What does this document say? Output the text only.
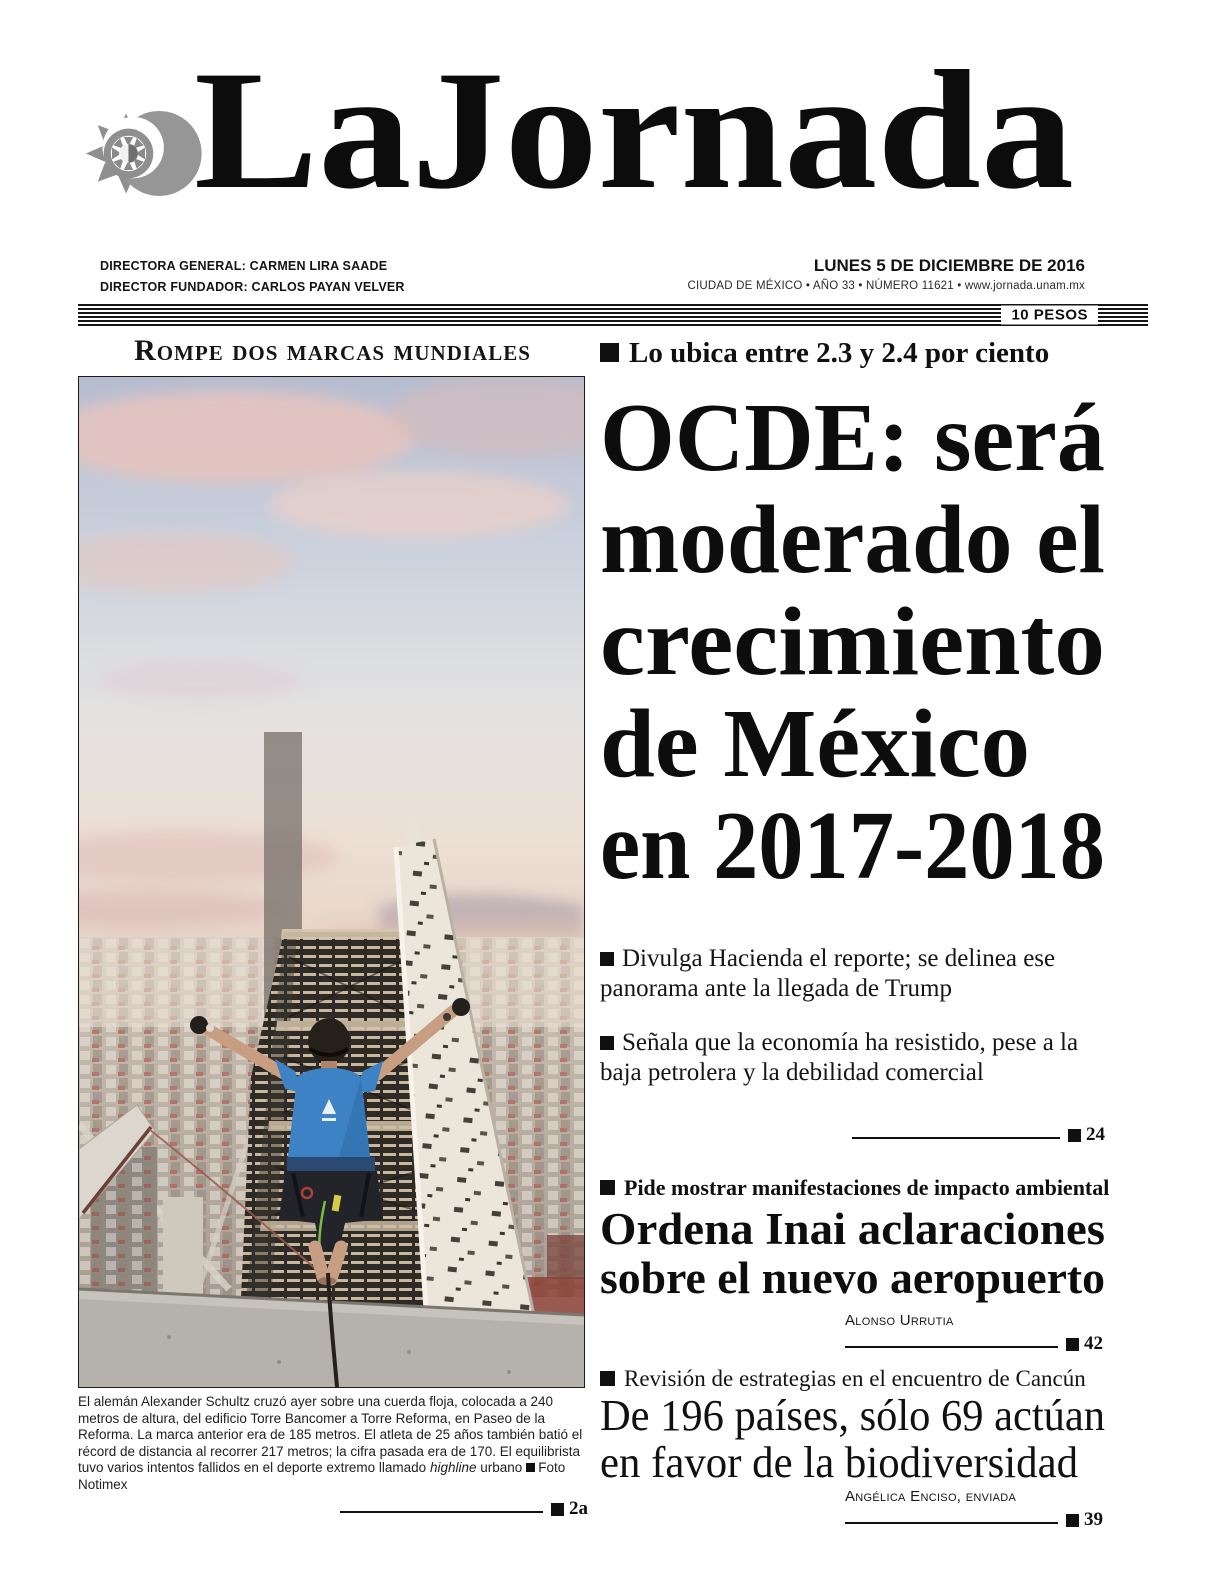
LaJornada
DIRECTORA GENERAL: CARMEN LIRA SAADE
DIRECTOR FUNDADOR: CARLOS PAYAN VELVER
LUNES 5 DE DICIEMBRE DE 2016
CIUDAD DE MÉXICO • AÑO 33 • NÚMERO 11621 • www.jornada.unam.mx
10 PESOS
Rompe dos marcas mundiales
El alemán Alexander Schultz cruzó ayer sobre una cuerda floja, colocada a 240 metros de altura, del edificio Torre Bancomer a Torre Reforma, en Paseo de la Reforma. La marca anterior era de 185 metros. El atleta de 25 años también batió el récord de distancia al recorrer 217 metros; la cifra pasada era de 170. El equilibrista tuvo varios intentos fallidos en el deporte extremo llamado highline urbano Foto Notimex
2a
Lo ubica entre 2.3 y 2.4 por ciento
OCDE: será
moderado el
crecimiento
de México
en 2017-2018
Divulga Hacienda el reporte; se delinea ese panorama ante la llegada de Trump
Señala que la economía ha resistido, pese a la baja petrolera y la debilidad comercial
24
Pide mostrar manifestaciones de impacto ambiental
Ordena Inai aclaraciones
sobre el nuevo aeropuerto
Alonso Urrutia
42
Revisión de estrategias en el encuentro de Cancún
De 196 países, sólo 69 actúan
en favor de la biodiversidad
Angélica Enciso, enviada
39
